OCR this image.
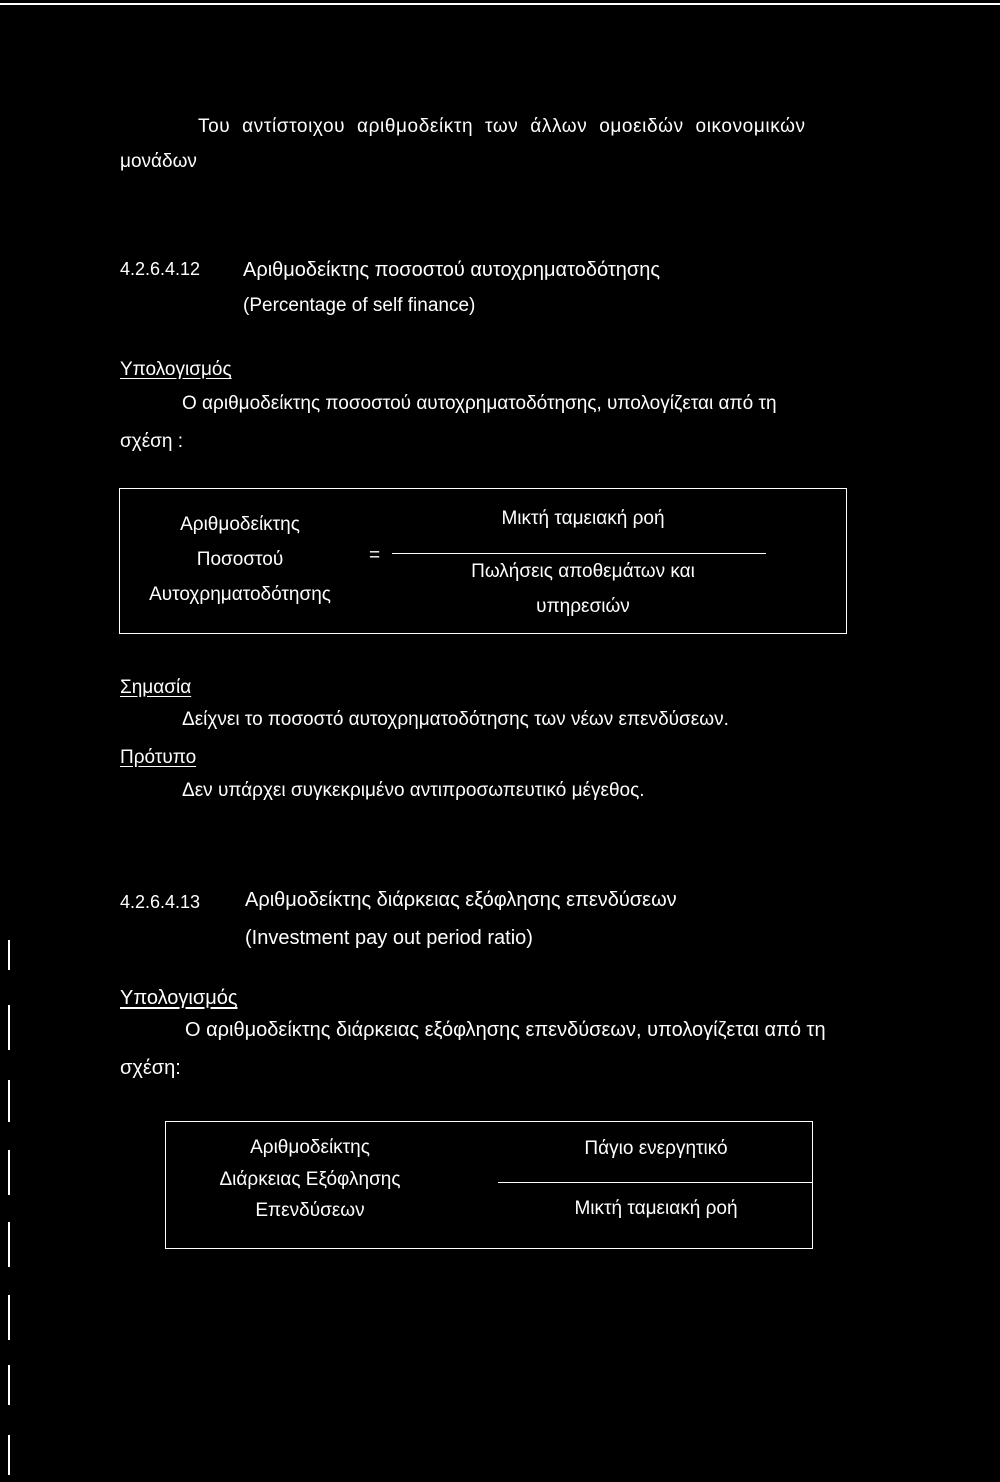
Του αντίστοιχου αριθμοδείκτη των άλλων ομοειδών οικονομικών
μονάδων
4.2.6.4.12 Αριθμοδείκτης ποσοστού αυτοχρηματοδότησης
(Percentage of self finance)
Υπολογισμός
Ο αριθμοδείκτης ποσοστού αυτοχρηματοδότησης, υπολογίζεται από τη
σχέση :
Αριθμοδείκτης
Ποσοστού
Αυτοχρηματοδότησης
=
Μικτή ταμειακή ροή
Πωλήσεις αποθεμάτων και
υπηρεσιών
Σημασία
Δείχνει το ποσοστό αυτοχρηματοδότησης των νέων επενδύσεων.
Πρότυπο
Δεν υπάρχει συγκεκριμένο αντιπροσωπευτικό μέγεθος.
4.2.6.4.13 Αριθμοδείκτης διάρκειας εξόφλησης επενδύσεων
(Investment pay out period ratio)
Υπολογισμός
Ο αριθμοδείκτης διάρκειας εξόφλησης επενδύσεων, υπολογίζεται από τη
σχέση:
Αριθμοδείκτης
Διάρκειας Εξόφλησης
Επενδύσεων
Πάγιο ενεργητικό
Μικτή ταμειακή ροή
